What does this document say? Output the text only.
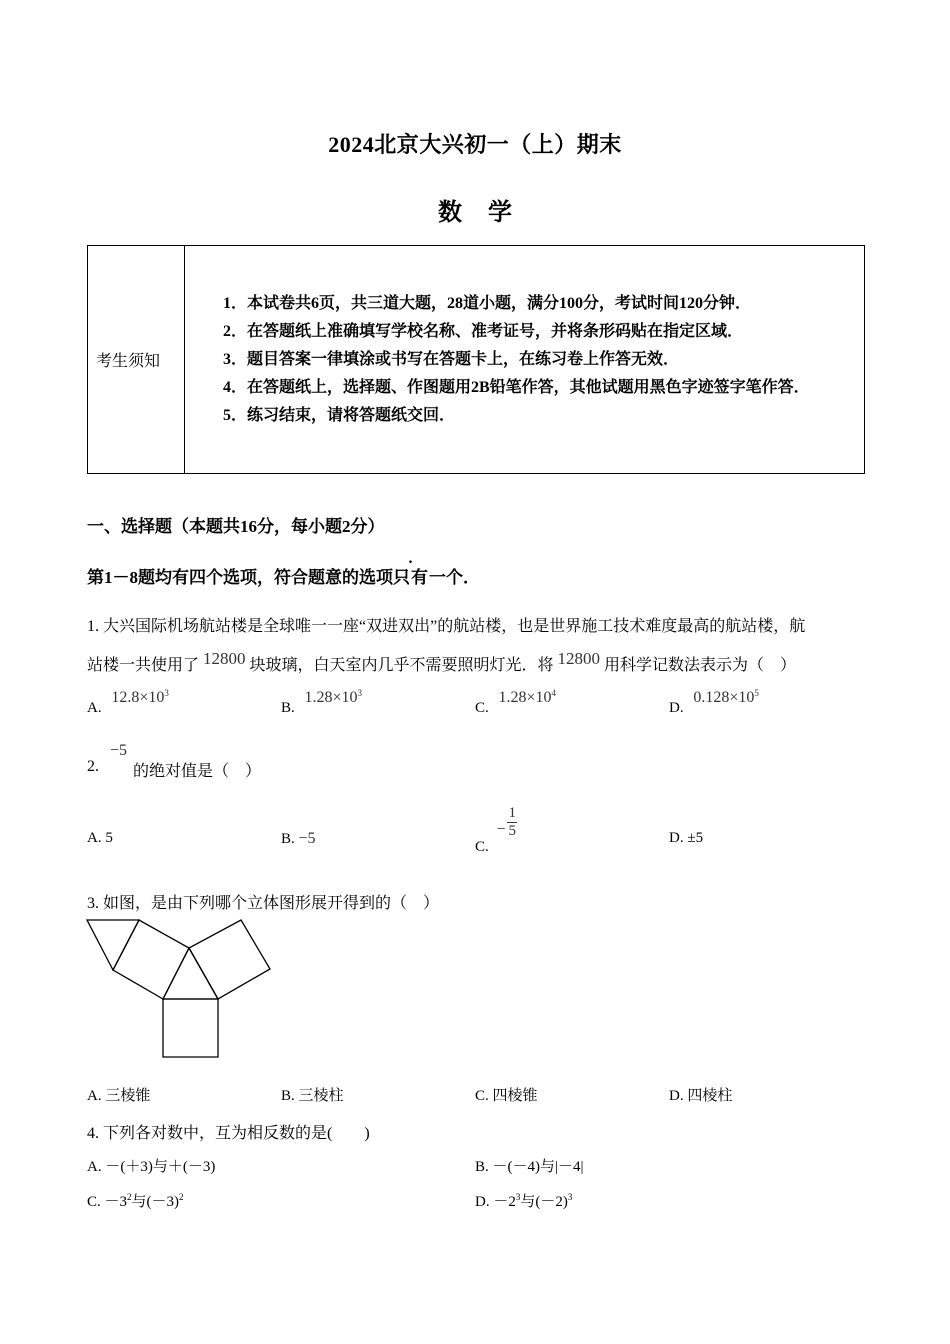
2024北京大兴初一（上）期末
数学
考生须知	
1．本试卷共6页，共三道大题，28道小题，满分100分，考试时间120分钟．
2．在答题纸上准确填写学校名称、准考证号，并将条形码贴在指定区域．
3．题目答案一律填涂或书写在答题卡上，在练习卷上作答无效．
4．在答题纸上，选择题、作图题用2B铅笔作答，其他试题用黑色字迹签字笔作答．
5．练习结束，请将答题纸交回．
一、选择题（本题共16分，每小题2分）
第1－8题均有四个选项，符合题意的选项只有一个．
1. 大兴国际机场航站楼是全球唯一一座“双进双出”的航站楼，也是世界施工技术难度最高的航站楼，航
站楼一共使用了 12800 块玻璃，白天室内几乎不需要照明灯光．将 12800 用科学记数法表示为（　）
A. $12.8\times 10^3$
B. $1.28\times 10^3$
C. $1.28\times 10^4$
D. $0.128\times 10^5$
2.
−5
的绝对值是（　）
A. 5	B. −5	C. − $\frac{1}{5}$	D. ±5
3. 如图，是由下列哪个立体图形展开得到的（　）
A. 三棱锥	B. 三棱柱	C. 四棱锥	D. 四棱柱
4. 下列各对数中，互为相反数的是(　　)
A. －(＋3)与＋(－3)	B. －(－4)与|－4|
C. $-3^2$与$(-3)^2$	D. $-2^3$与$(-2)^3$
